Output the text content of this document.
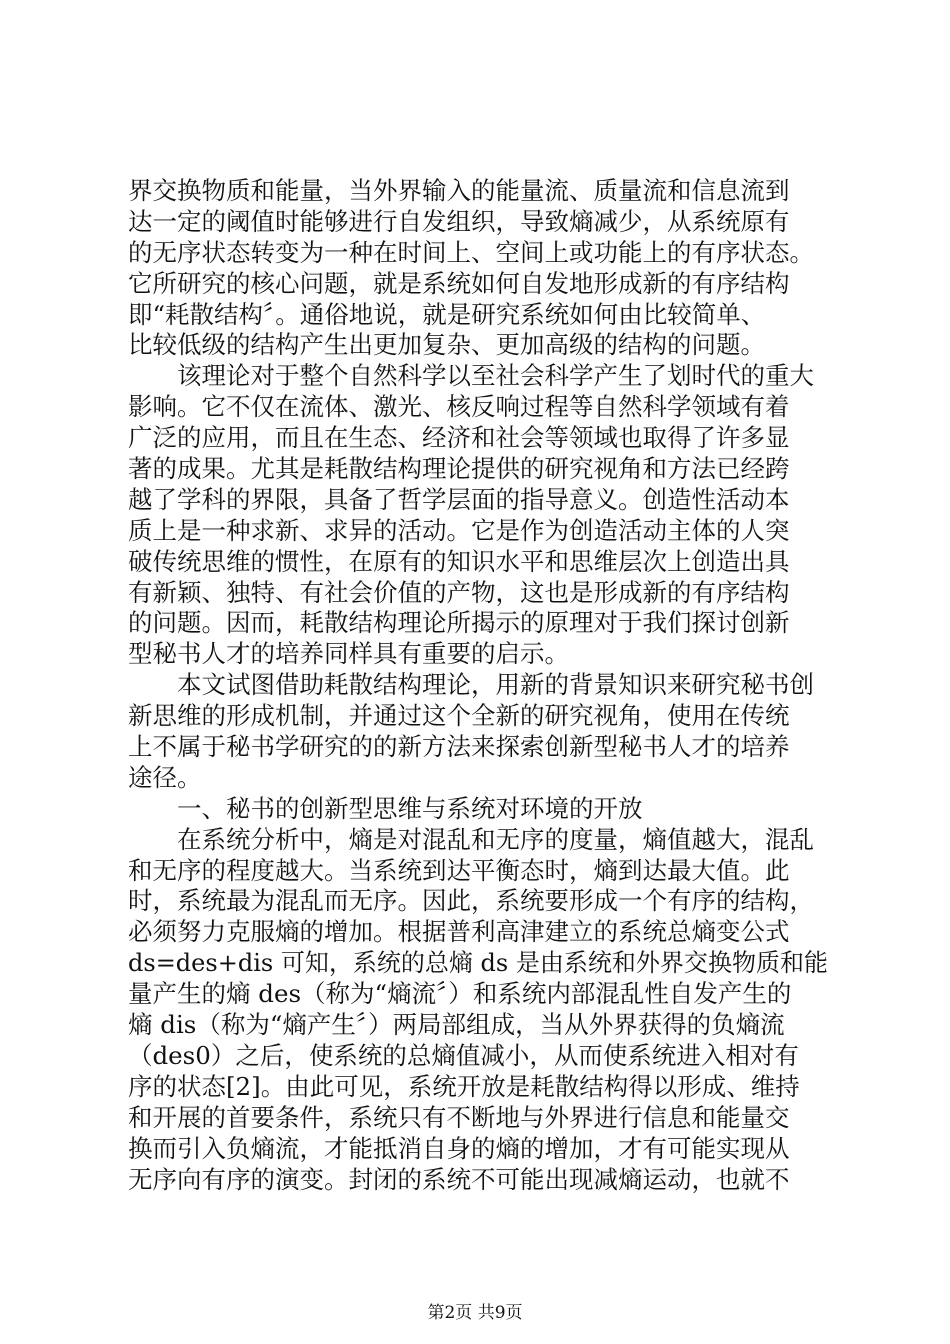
界交换物质和能量，当外界输入的能量流、质量流和信息流到
达一定的阈值时能够进行自发组织，导致熵减少，从系统原有
的无序状态转变为一种在时间上、空间上或功能上的有序状态。
它所研究的核心问题，就是系统如何自发地形成新的有序结构
即“耗散结构〞。通俗地说，就是研究系统如何由比较简单、
比较低级的结构产生出更加复杂、更加高级的结构的问题。
　　该理论对于整个自然科学以至社会科学产生了划时代的重大
影响。它不仅在流体、激光、核反响过程等自然科学领域有着
广泛的应用，而且在生态、经济和社会等领域也取得了许多显
著的成果。尤其是耗散结构理论提供的研究视角和方法已经跨
越了学科的界限，具备了哲学层面的指导意义。创造性活动本
质上是一种求新、求异的活动。它是作为创造活动主体的人突
破传统思维的惯性，在原有的知识水平和思维层次上创造出具
有新颖、独特、有社会价值的产物，这也是形成新的有序结构
的问题。因而，耗散结构理论所揭示的原理对于我们探讨创新
型秘书人才的培养同样具有重要的启示。
　　本文试图借助耗散结构理论，用新的背景知识来研究秘书创
新思维的形成机制，并通过这个全新的研究视角，使用在传统
上不属于秘书学研究的的新方法来探索创新型秘书人才的培养
途径。
　　一、秘书的创新型思维与系统对环境的开放
　　在系统分析中，熵是对混乱和无序的度量，熵值越大，混乱
和无序的程度越大。当系统到达平衡态时，熵到达最大值。此
时，系统最为混乱而无序。因此，系统要形成一个有序的结构，
必须努力克服熵的增加。根据普利高津建立的系统总熵变公式
ds=des+dis 可知，系统的总熵 ds 是由系统和外界交换物质和能
量产生的熵 des（称为“熵流〞）和系统内部混乱性自发产生的
熵 dis（称为“熵产生〞）两局部组成，当从外界获得的负熵流
（des0）之后，使系统的总熵值减小，从而使系统进入相对有
序的状态[2]。由此可见，系统开放是耗散结构得以形成、维持
和开展的首要条件，系统只有不断地与外界进行信息和能量交
换而引入负熵流，才能抵消自身的熵的增加，才有可能实现从
无序向有序的演变。封闭的系统不可能出现减熵运动，也就不
第2页 共9页
